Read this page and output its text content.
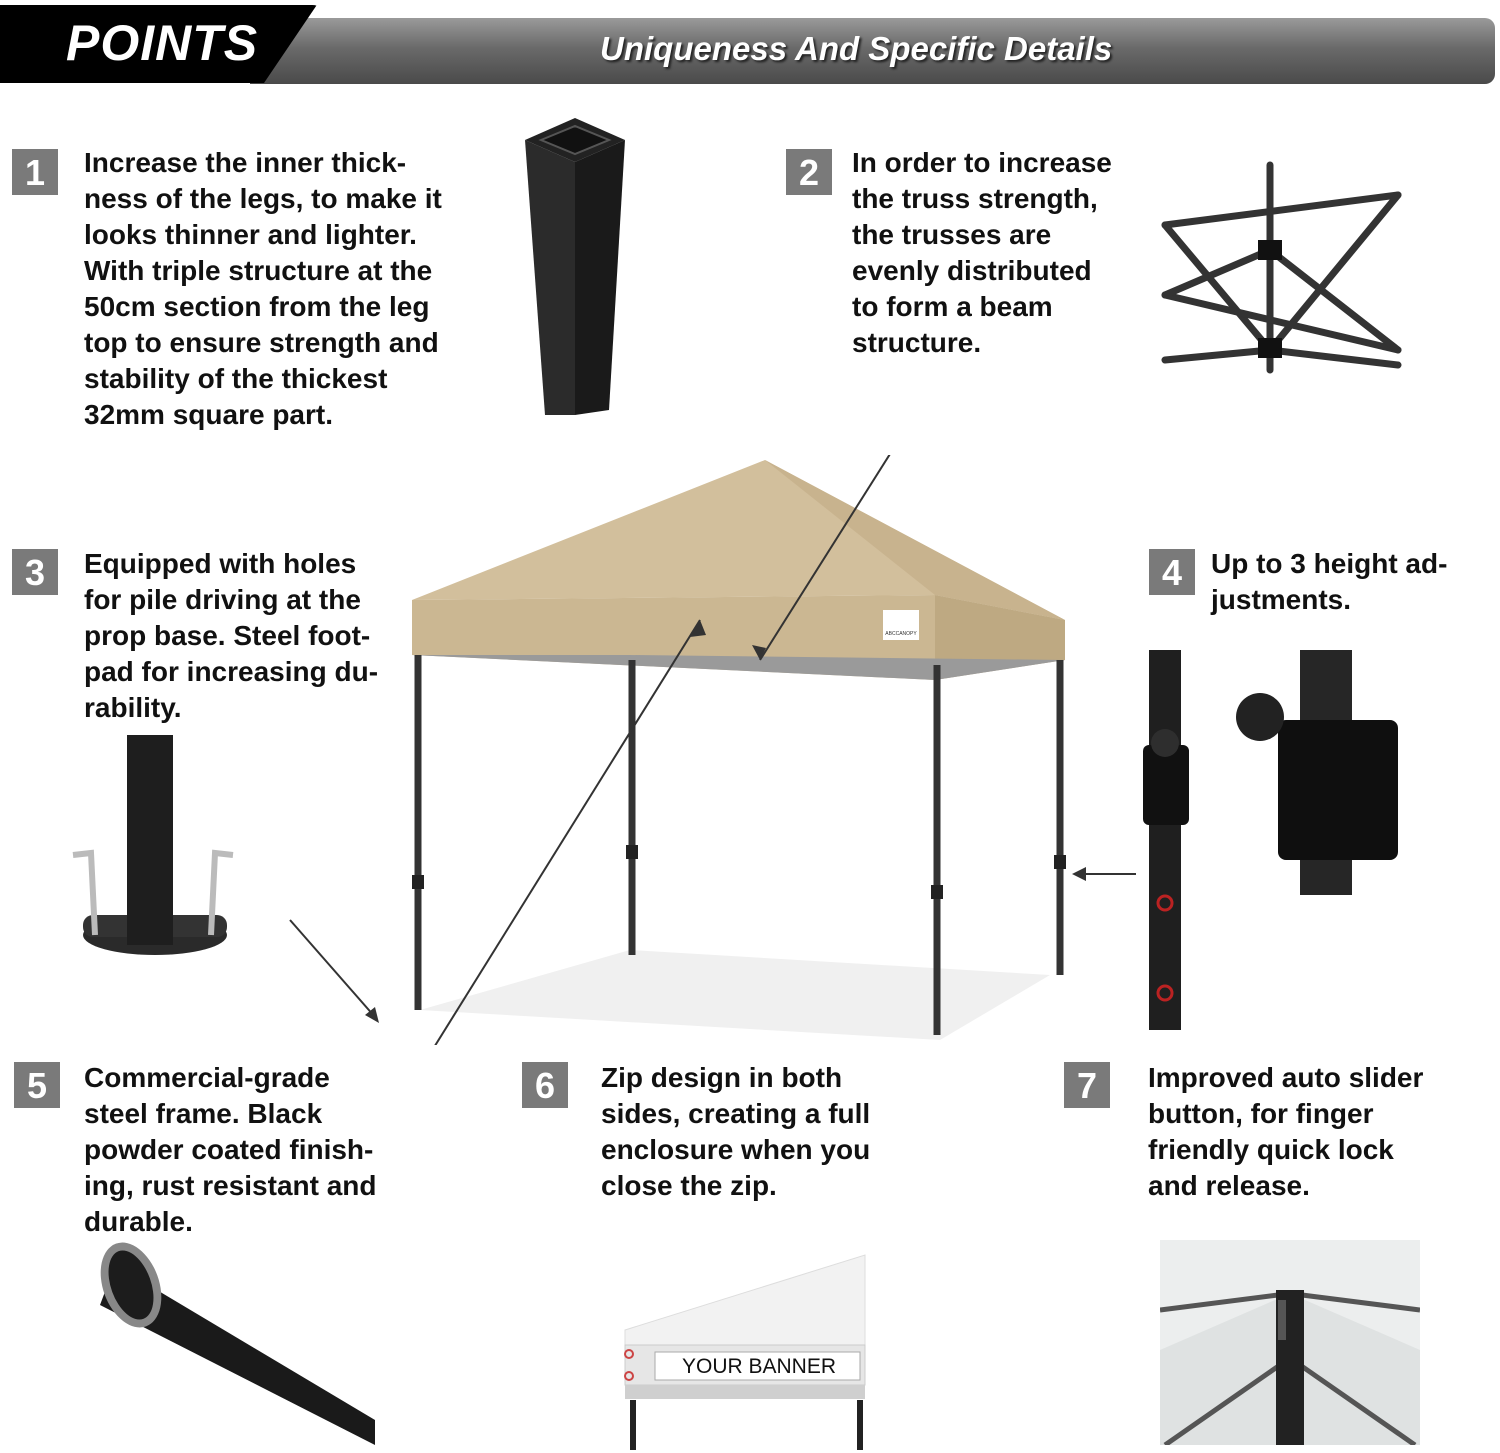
POINTS	Uniqueness And Specific Details
1	Increase the inner thick-
ness of the legs, to make it
looks thinner and lighter.
With triple structure at the
50cm section from the leg
top to ensure strength and
stability of the thickest
32mm square part.
2	In order to increase
the truss strength,
the trusses are
evenly distributed
to form a beam
structure.
3	Equipped with holes
for pile driving at the
prop base. Steel foot-
pad for increasing du-
rability.
4	Up to 3 height ad-
justments.
5	Commercial-grade
steel frame. Black
powder coated finish-
ing, rust resistant and
durable.
6	Zip design in both
sides, creating a full
enclosure when you
close the zip.
7	Improved auto slider
button, for finger
friendly quick lock
and release.
ABCCANOPY
YOUR BANNER
